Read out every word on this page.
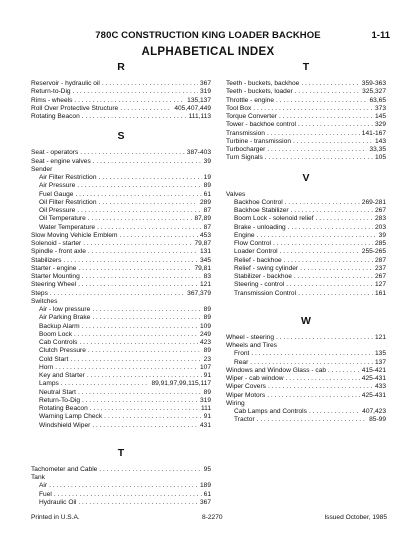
780C CONSTRUCTION KING LOADER BACKHOE	1-11
ALPHABETICAL INDEX
R
Reservoir - hydraulic oil . . .	367
Return-to-Dig . . .	319
Rims - wheels . . .	135,137
Roll Over Protective Structure . . .	405,407,449
Rotating Beacon . . .	111,113
S
Seat - operators . . .	387-403
Seat - engine valves . . .	39
Sender
Air Filter Restriction . . .	19
Air Pressure . . .	89
Fuel Gauge . . .	61
Oil Filter Restriction . . .	289
Oil Pressure . . .	87
Oil Temperature . . .	87,89
Water Temperature . . .	87
Slow Moving Vehicle Emblem . . .	453
Solenoid - starter . . .	79,87
Spindle - front axle . . .	131
Stabilizers . . .	345
Starter - engine . . .	79,81
Starter Mounting . . .	83
Steering Wheel . . .	121
Steps . . .	367,379
Switches
Air - low pressure . . .	89
Air Parking Brake . . .	89
Backup Alarm . . .	109
Boom Lock . . .	249
Cab Controls . . .	423
Clutch Pressure . . .	89
Cold Start . . .	23
Horn . . .	107
Key and Starter . . .	91
Lamps . . .	89,91,97,99,115,117
Neutral Start . . .	89
Return-To-Dig . . .	319
Rotating Beacon . . .	111
Warning Lamp Check . . .	91
Windshield Wiper . . .	431
T
Tachometer and Cable . . .	95
Tank
Air . . .	189
Fuel . . .	61
Hydraulic Oil . . .	367
T
Teeth - buckets, backhoe . . .	359-363
Teeth - buckets, loader . . .	325,327
Throttle - engine . . .	63,65
Tool Box . . .	373
Torque Converter . . .	145
Tower - backhoe control . . .	329
Transmission . . .	141-167
Turbine - transmission . . .	143
Turbocharger . . .	33,35
Turn Signals . . .	105
V
Valves
Backhoe Control . . .	269-281
Backhoe Stabilizer . . .	267
Boom Lock - solenoid relief . . .	283
Brake - unloading . . .	203
Engine . . .	39
Flow Control . . .	285
Loader Control . . .	255-265
Relief - backhoe . . .	287
Relief - swing cylinder . . .	237
Stabilizer - backhoe . . .	267
Steering - control . . .	127
Transmission Control . . .	161
W
Wheel - steering . . .	121
Wheels and Tires
Front . . .	135
Rear . . .	137
Windows and Window Glass - cab . . .	415-421
Wiper - cab window . . .	425-431
Wiper Covers . . .	433
Wiper Motors . . .	425-431
Wiring
Cab Lamps and Controls . . .	407,423
Tractor . . .	85-99
Printed in U.S.A.	8-2270	Issued October, 1985
